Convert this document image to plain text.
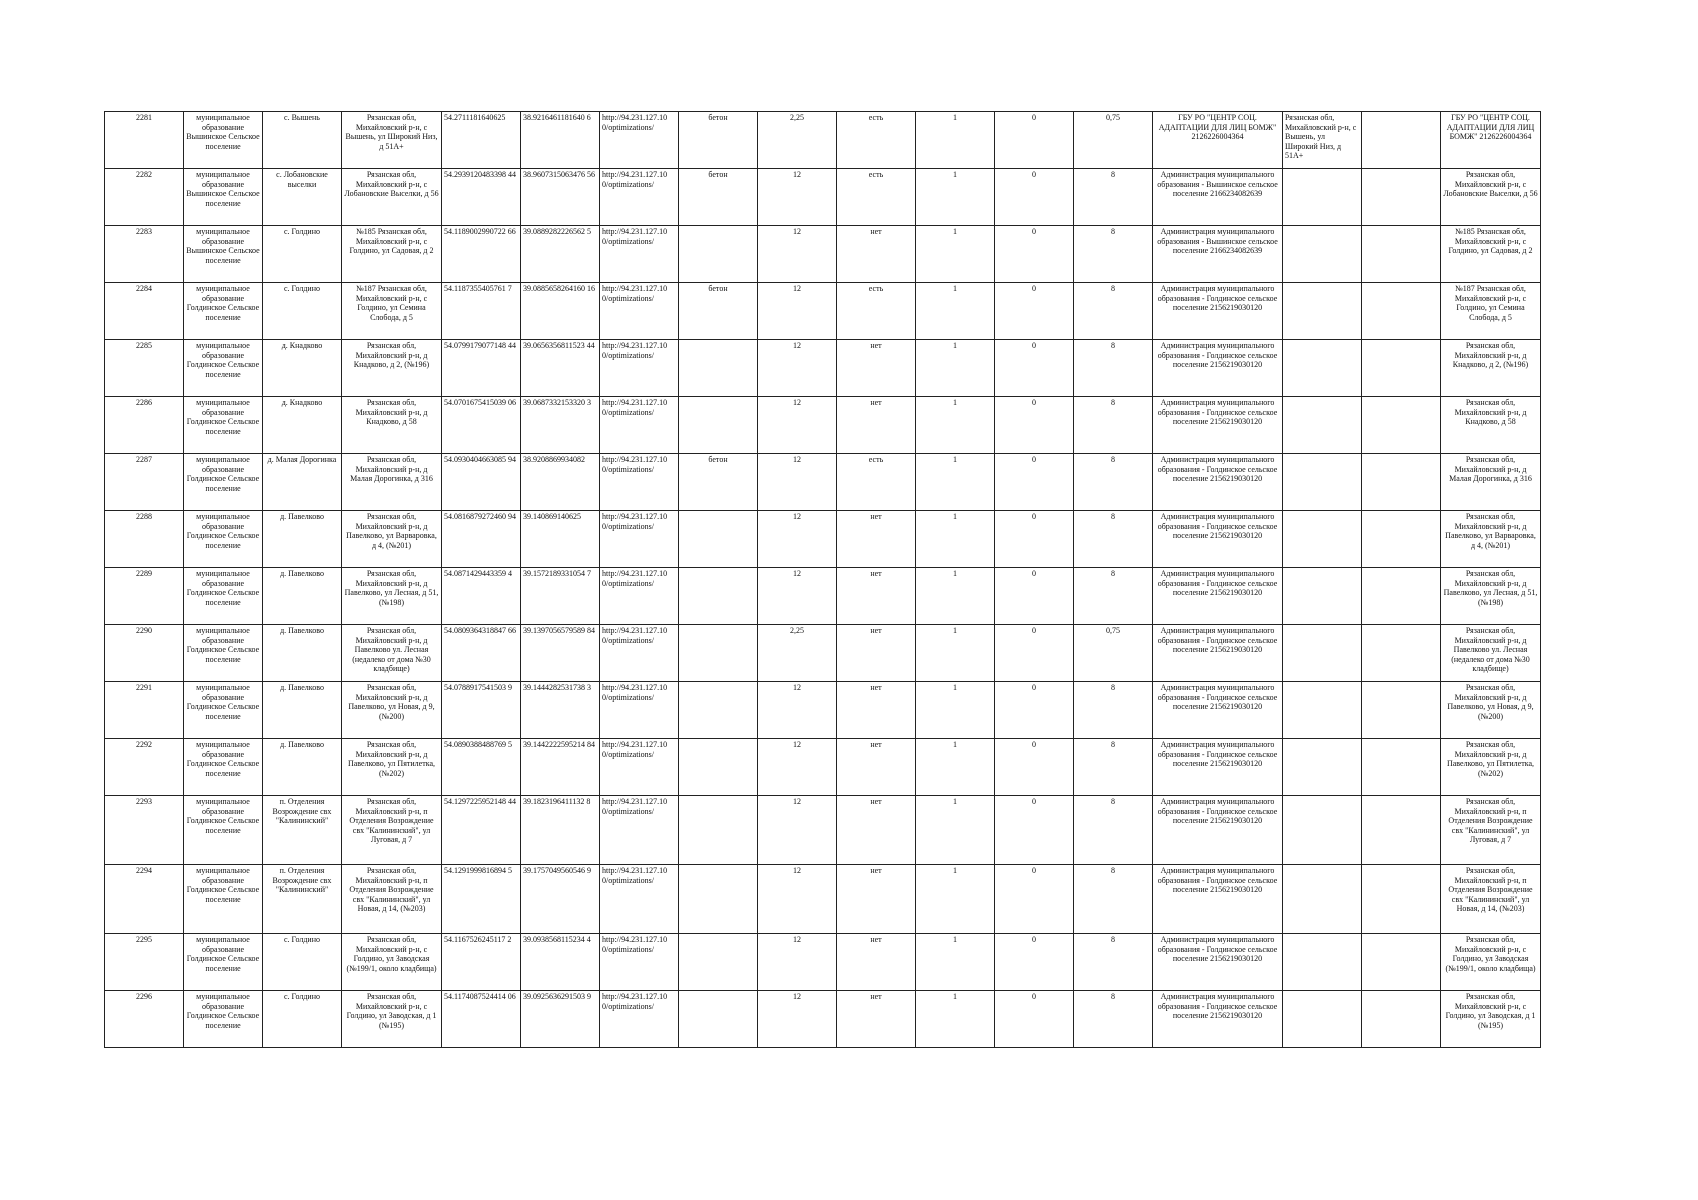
2281	муниципальное образование Вышинское Сельское поселение	с. Вышень	Рязанская обл, Михайловский р-н, с Вышень, ул Широкий Низ, д 51А+	54.2711181640625	38.9216461181640 6	http://94.231.127.10 0/optimizations/	бетон	2,25	есть	1	0	0,75	ГБУ РО "ЦЕНТР СОЦ. АДАПТАЦИИ ДЛЯ ЛИЦ БОМЖ" 2126226004364	Рязанская обл, Михайловский р-н, с Вышень, ул Широкий Низ, д 51А+		ГБУ РО "ЦЕНТР СОЦ. АДАПТАЦИИ ДЛЯ ЛИЦ БОМЖ" 2126226004364
2282	муниципальное образование Вышинское Сельское поселение	с. Лобановские выселки	Рязанская обл, Михайловский р-н, с Лобановские Выселки, д 56	54.2939120483398 44	38.9607315063476 56	http://94.231.127.10 0/optimizations/	бетон	12	есть	1	0	8	Администрация муниципального образования - Вышинское сельское поселение 2166234082639			Рязанская обл, Михайловский р-н, с Лобановские Выселки, д 56
2283	муниципальное образование Вышинское Сельское поселение	с. Голдино	№185 Рязанская обл, Михайловский р-н, с Голдино, ул Садовая, д 2	54.1189002990722 66	39.0889282226562 5	http://94.231.127.10 0/optimizations/		12	нет	1	0	8	Администрация муниципального образования - Вышинское сельское поселение 2166234082639			№185 Рязанская обл, Михайловский р-н, с Голдино, ул Садовая, д 2
2284	муниципальное образование Голдинское Сельское поселение	с. Голдино	№187 Рязанская обл, Михайловский р-н, с Голдино, ул Семина Слобода, д 5	54.1187355405761 7	39.0885658264160 16	http://94.231.127.10 0/optimizations/	бетон	12	есть	1	0	8	Администрация муниципального образования - Голдинское сельское поселение 2156219030120			№187 Рязанская обл, Михайловский р-н, с Голдино, ул Семина Слобода, д 5
2285	муниципальное образование Голдинское Сельское поселение	д. Кнадково	Рязанская обл, Михайловский р-н, д Кнадково, д 2, (№196)	54.0799179077148 44	39.0656356811523 44	http://94.231.127.10 0/optimizations/		12	нет	1	0	8	Администрация муниципального образования - Голдинское сельское поселение 2156219030120			Рязанская обл, Михайловский р-н, д Кнадково, д 2, (№196)
2286	муниципальное образование Голдинское Сельское поселение	д. Кнадково	Рязанская обл, Михайловский р-н, д Кнадково, д 58	54.0701675415039 06	39.0687332153320 3	http://94.231.127.10 0/optimizations/		12	нет	1	0	8	Администрация муниципального образования - Голдинское сельское поселение 2156219030120			Рязанская обл, Михайловский р-н, д Кнадково, д 58
2287	муниципальное образование Голдинское Сельское поселение	д. Малая Дорогинка	Рязанская обл, Михайловский р-н, д Малая Дорогинка, д 316	54.0930404663085 94	38.9208869934082	http://94.231.127.10 0/optimizations/	бетон	12	есть	1	0	8	Администрация муниципального образования - Голдинское сельское поселение 2156219030120			Рязанская обл, Михайловский р-н, д Малая Дорогинка, д 316
2288	муниципальное образование Голдинское Сельское поселение	д. Павелково	Рязанская обл, Михайловский р-н, д Павелково, ул Варваровка, д 4, (№201)	54.0816879272460 94	39.140869140625	http://94.231.127.10 0/optimizations/		12	нет	1	0	8	Администрация муниципального образования - Голдинское сельское поселение 2156219030120			Рязанская обл, Михайловский р-н, д Павелково, ул Варваровка, д 4, (№201)
2289	муниципальное образование Голдинское Сельское поселение	д. Павелково	Рязанская обл, Михайловский р-н, д Павелково, ул Лесная, д 51, (№198)	54.0871429443359 4	39.1572189331054 7	http://94.231.127.10 0/optimizations/		12	нет	1	0	8	Администрация муниципального образования - Голдинское сельское поселение 2156219030120			Рязанская обл, Михайловский р-н, д Павелково, ул Лесная, д 51, (№198)
2290	муниципальное образование Голдинское Сельское поселение	д. Павелково	Рязанская обл, Михайловский р-н, д Павелково ул. Лесная (недалеко от дома №30 кладбище)	54.0809364318847 66	39.1397056579589 84	http://94.231.127.10 0/optimizations/		2,25	нет	1	0	0,75	Администрация муниципального образования - Голдинское сельское поселение 2156219030120			Рязанская обл, Михайловский р-н, д Павелково ул. Лесная (недалеко от дома №30 кладбище)
2291	муниципальное образование Голдинское Сельское поселение	д. Павелково	Рязанская обл, Михайловский р-н, д Павелково, ул Новая, д 9, (№200)	54.0788917541503 9	39.1444282531738 3	http://94.231.127.10 0/optimizations/		12	нет	1	0	8	Администрация муниципального образования - Голдинское сельское поселение 2156219030120			Рязанская обл, Михайловский р-н, д Павелково, ул Новая, д 9, (№200)
2292	муниципальное образование Голдинское Сельское поселение	д. Павелково	Рязанская обл, Михайловский р-н, д Павелково, ул Пятилетка, (№202)	54.0890388488769 5	39.1442222595214 84	http://94.231.127.10 0/optimizations/		12	нет	1	0	8	Администрация муниципального образования - Голдинское сельское поселение 2156219030120			Рязанская обл, Михайловский р-н, д Павелково, ул Пятилетка, (№202)
2293	муниципальное образование Голдинское Сельское поселение	п. Отделения Возрождение свх "Калининский"	Рязанская обл, Михайловский р-н, п Отделения Возрождение свх "Калининский", ул Луговая, д 7	54.1297225952148 44	39.1823196411132 8	http://94.231.127.10 0/optimizations/		12	нет	1	0	8	Администрация муниципального образования - Голдинское сельское поселение 2156219030120			Рязанская обл, Михайловский р-н, п Отделения Возрождение свх "Калининский", ул Луговая, д 7
2294	муниципальное образование Голдинское Сельское поселение	п. Отделения Возрождение свх "Калининский"	Рязанская обл, Михайловский р-н, п Отделения Возрождение свх "Калининский", ул Новая, д 14, (№203)	54.1291999816894 5	39.1757049560546 9	http://94.231.127.10 0/optimizations/		12	нет	1	0	8	Администрация муниципального образования - Голдинское сельское поселение 2156219030120			Рязанская обл, Михайловский р-н, п Отделения Возрождение свх "Калининский", ул Новая, д 14, (№203)
2295	муниципальное образование Голдинское Сельское поселение	с. Голдино	Рязанская обл, Михайловский р-н, с Голдино, ул Заводская (№199/1, около кладбища)	54.1167526245117 2	39.0938568115234 4	http://94.231.127.10 0/optimizations/		12	нет	1	0	8	Администрация муниципального образования - Голдинское сельское поселение 2156219030120			Рязанская обл, Михайловский р-н, с Голдино, ул Заводская (№199/1, около кладбища)
2296	муниципальное образование Голдинское Сельское поселение	с. Голдино	Рязанская обл, Михайловский р-н, с Голдино, ул Заводская, д 1 (№195)	54.1174087524414 06	39.0925636291503 9	http://94.231.127.10 0/optimizations/		12	нет	1	0	8	Администрация муниципального образования - Голдинское сельское поселение 2156219030120			Рязанская обл, Михайловский р-н, с Голдино, ул Заводская, д 1 (№195)
